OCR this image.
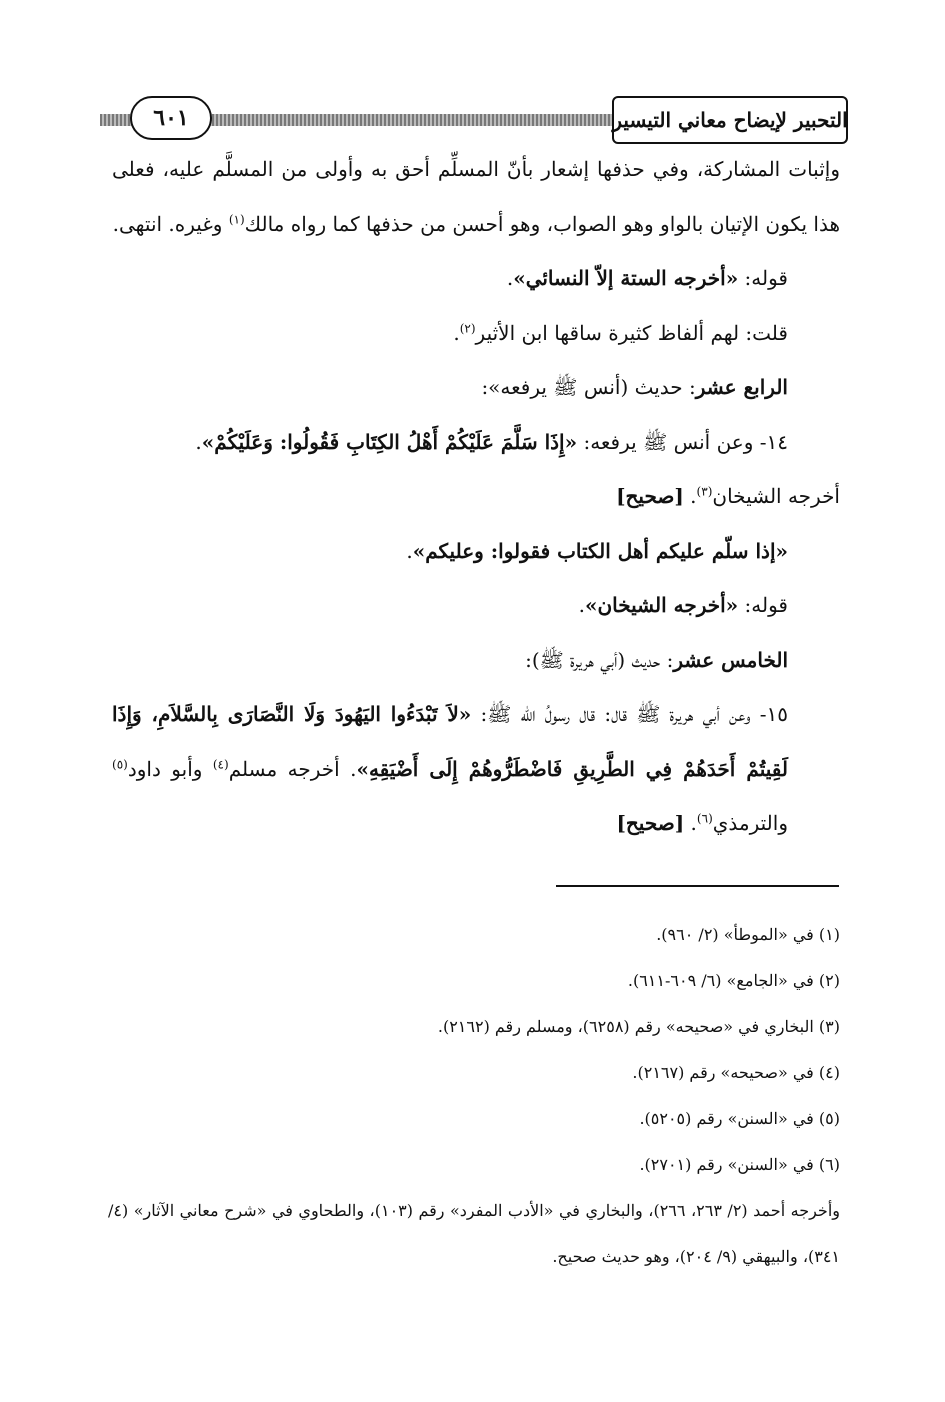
التحبير لإيضاح معاني التيسير
٦٠١

وإثبات المشاركة، وفي حذفها إشعار بأنّ المسلِّم أحق به وأولى من المسلَّم عليه، فعلى هذا يكون الإتيان بالواو وهو الصواب، وهو أحسن من حذفها كما رواه مالك$^{(١)}$ وغيره. انتهى.

قوله: «أخرجه الستة إلاّ النسائي».

قلت: لهم ألفاظ كثيرة ساقها ابن الأثير$^{(٢)}$.

الرابع عشر: حديث (أنس ﷺ يرفعه»:

١٤- وعن أنس ﷺ يرفعه: «إِذَا سَلَّمَ عَلَيْكُمْ أَهْلُ الكِتَابِ فَقُولُوا: وَعَلَيْكُمْ».

أخرجه الشيخان$^{(٣)}$. [صحيح]

«إذا سلّم عليكم أهل الكتاب فقولوا: وعليكم».

قوله: «أخرجه الشيخان».

الخامس عشر: حديث (أبي هريرة ﷺ):

١٥- وعن أبي هريرة ﷺ قال: قال رسولُ الله ﷺ: «لاَ تَبْدَءُوا اليَهُودَ وَلَا النَّصَارَى بِالسَّلاَمِ، وَإِذَا لَقِيتُمْ أَحَدَهُمْ فِي الطَّرِيقِ فَاضْطَرُّوهُمْ إِلَى أَضْيَقِهِ». أخرجه مسلم$^{(٤)}$ وأبو داود$^{(٥)}$ والترمذي$^{(٦)}$. [صحيح]

(١) في «الموطأ» (٢/ ٩٦٠).

(٢) في «الجامع» (٦/ ٦٠٩-٦١١).

(٣) البخاري في «صحيحه» رقم (٦٢٥٨)، ومسلم رقم (٢١٦٢).

(٤) في «صحيحه» رقم (٢١٦٧).

(٥) في «السنن» رقم (٥٢٠٥).

(٦) في «السنن» رقم (٢٧٠١).

وأخرجه أحمد (٢/ ٢٦٣، ٢٦٦)، والبخاري في «الأدب المفرد» رقم (١٠٣)، والطحاوي في «شرح معاني الآثار» (٤/ ٣٤١)، والبيهقي (٩/ ٢٠٤)، وهو حديث صحيح.
